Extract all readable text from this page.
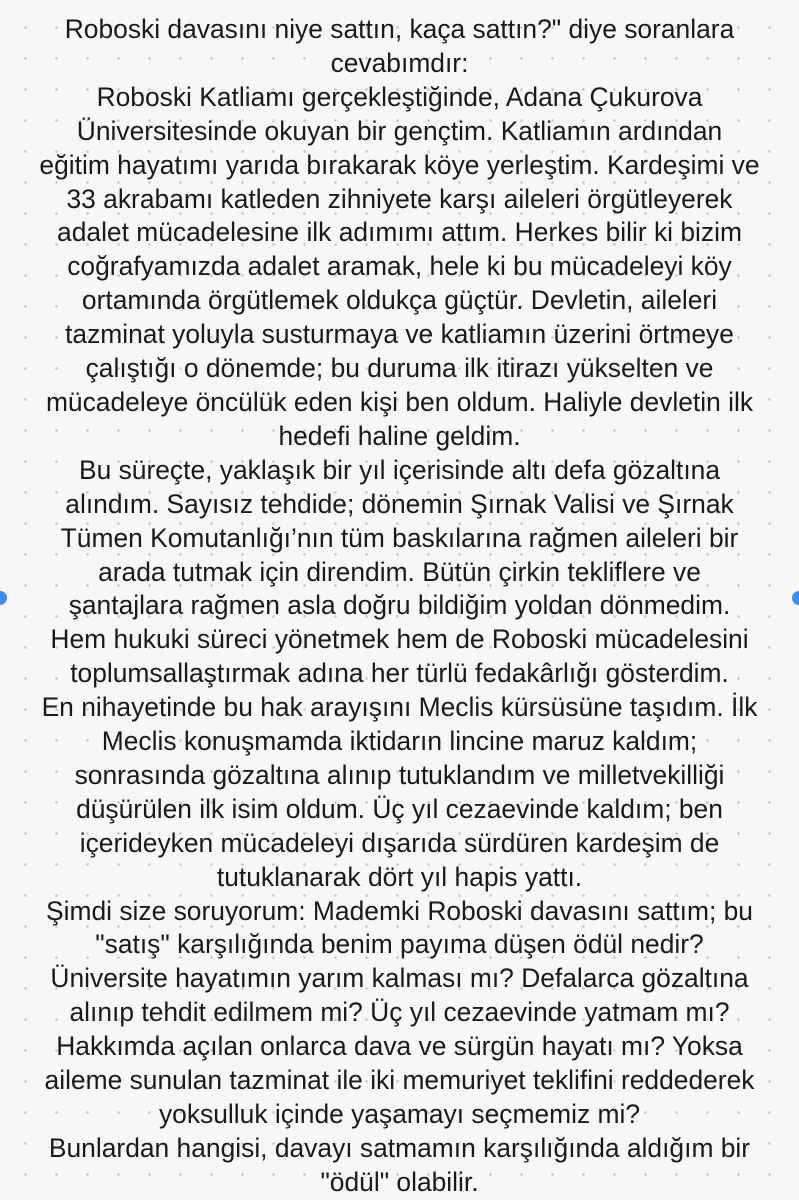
Roboski davasını niye sattın, kaça sattın?" diye soranlara
cevabımdır:
Roboski Katliamı gerçekleştiğinde, Adana Çukurova
Üniversitesinde okuyan bir gençtim. Katliamın ardından
eğitim hayatımı yarıda bırakarak köye yerleştim. Kardeşimi ve
33 akrabamı katleden zihniyete karşı aileleri örgütleyerek
adalet mücadelesine ilk adımımı attım. Herkes bilir ki bizim
coğrafyamızda adalet aramak, hele ki bu mücadeleyi köy
ortamında örgütlemek oldukça güçtür. Devletin, aileleri
tazminat yoluyla susturmaya ve katliamın üzerini örtmeye
çalıştığı o dönemde; bu duruma ilk itirazı yükselten ve
mücadeleye öncülük eden kişi ben oldum. Haliyle devletin ilk
hedefi haline geldim.
Bu süreçte, yaklaşık bir yıl içerisinde altı defa gözaltına
alındım. Sayısız tehdide; dönemin Şırnak Valisi ve Şırnak
Tümen Komutanlığı’nın tüm baskılarına rağmen aileleri bir
arada tutmak için direndim. Bütün çirkin tekliflere ve
şantajlara rağmen asla doğru bildiğim yoldan dönmedim.
Hem hukuki süreci yönetmek hem de Roboski mücadelesini
toplumsallaştırmak adına her türlü fedakârlığı gösterdim.
En nihayetinde bu hak arayışını Meclis kürsüsüne taşıdım. İlk
Meclis konuşmamda iktidarın lincine maruz kaldım;
sonrasında gözaltına alınıp tutuklandım ve milletvekilliği
düşürülen ilk isim oldum. Üç yıl cezaevinde kaldım; ben
içerideyken mücadeleyi dışarıda sürdüren kardeşim de
tutuklanarak dört yıl hapis yattı.
Şimdi size soruyorum: Mademki Roboski davasını sattım; bu
"satış" karşılığında benim payıma düşen ödül nedir?
Üniversite hayatımın yarım kalması mı? Defalarca gözaltına
alınıp tehdit edilmem mi? Üç yıl cezaevinde yatmam mı?
Hakkımda açılan onlarca dava ve sürgün hayatı mı? Yoksa
aileme sunulan tazminat ile iki memuriyet teklifini reddederek
yoksulluk içinde yaşamayı seçmemiz mi?
Bunlardan hangisi, davayı satmamın karşılığında aldığım bir
"ödül" olabilir.
